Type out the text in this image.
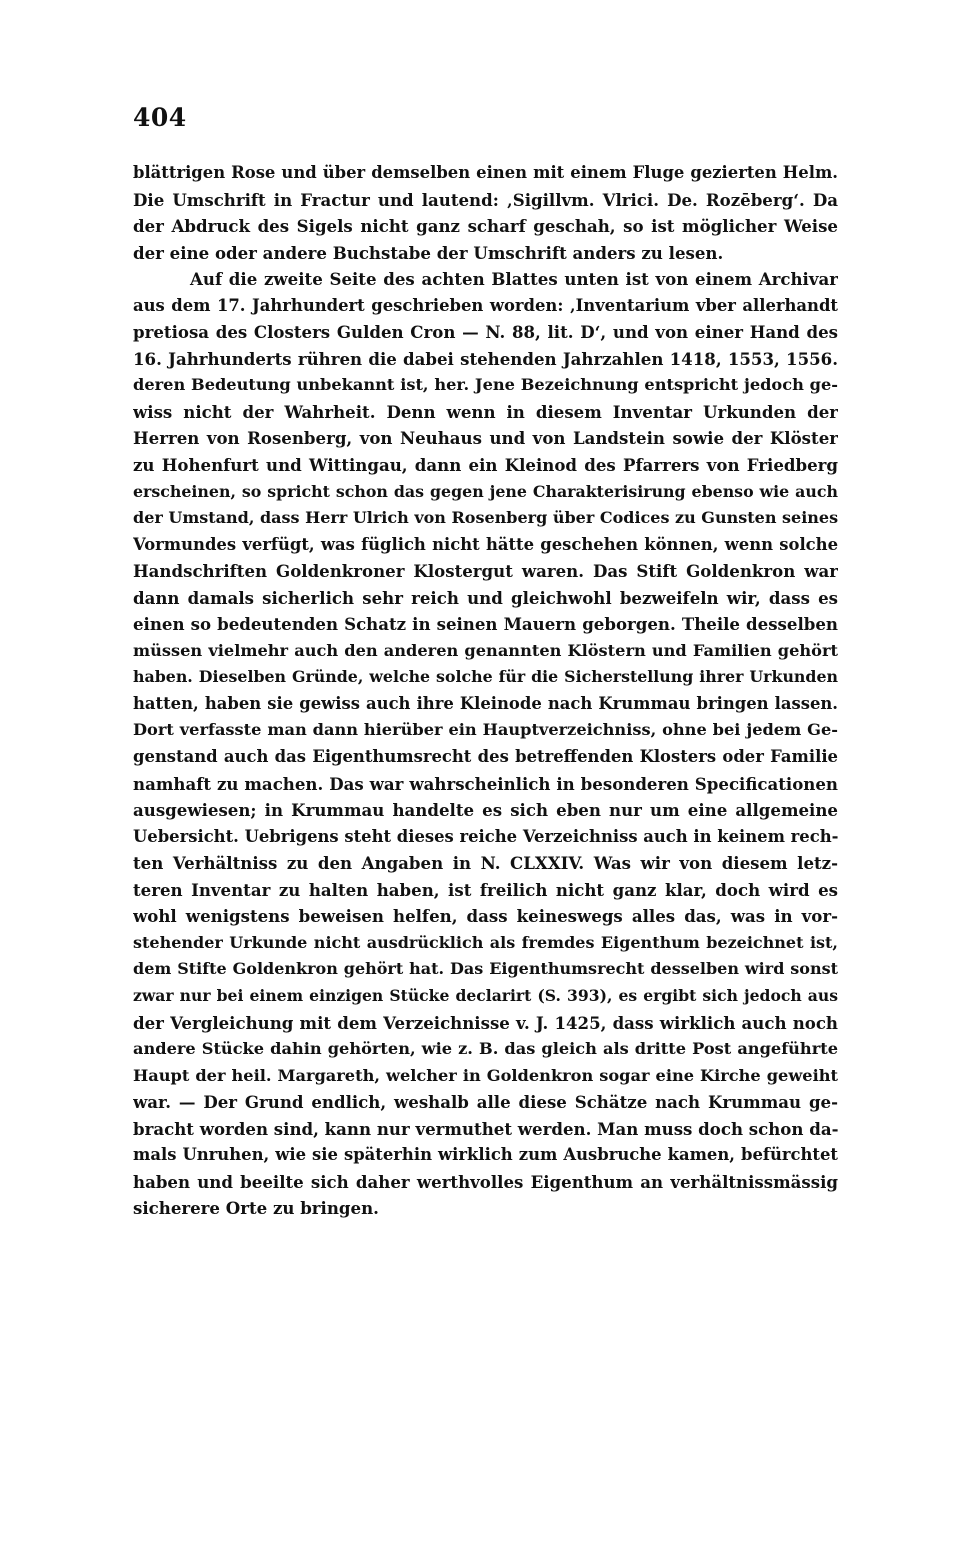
404
blättrigen Rose und über demselben einen mit einem Fluge gezierten Helm.
Die Umschrift in Fractur und lautend: ‚Sigillvm. Vlrici. De. Rozēberg‘. Da
der Abdruck des Sigels nicht ganz scharf geschah, so ist möglicher Weise
der eine oder andere Buchstabe der Umschrift anders zu lesen.
Auf die zweite Seite des achten Blattes unten ist von einem Archivar
aus dem 17. Jahrhundert geschrieben worden: ‚Inventarium vber allerhandt
pretiosa des Closters Gulden Cron — N. 88, lit. D‘, und von einer Hand des
16. Jahrhunderts rühren die dabei stehenden Jahrzahlen 1418, 1553, 1556.
deren Bedeutung unbekannt ist, her. Jene Bezeichnung entspricht jedoch ge-
wiss nicht der Wahrheit. Denn wenn in diesem Inventar Urkunden der
Herren von Rosenberg, von Neuhaus und von Landstein sowie der Klöster
zu Hohenfurt und Wittingau, dann ein Kleinod des Pfarrers von Friedberg
erscheinen, so spricht schon das gegen jene Charakterisirung ebenso wie auch
der Umstand, dass Herr Ulrich von Rosenberg über Codices zu Gunsten seines
Vormundes verfügt, was füglich nicht hätte geschehen können, wenn solche
Handschriften Goldenkroner Klostergut waren. Das Stift Goldenkron war
dann damals sicherlich sehr reich und gleichwohl bezweifeln wir, dass es
einen so bedeutenden Schatz in seinen Mauern geborgen. Theile desselben
müssen vielmehr auch den anderen genannten Klöstern und Familien gehört
haben. Dieselben Gründe, welche solche für die Sicherstellung ihrer Urkunden
hatten, haben sie gewiss auch ihre Kleinode nach Krummau bringen lassen.
Dort verfasste man dann hierüber ein Hauptverzeichniss, ohne bei jedem Ge-
genstand auch das Eigenthumsrecht des betreffenden Klosters oder Familie
namhaft zu machen. Das war wahrscheinlich in besonderen Specificationen
ausgewiesen; in Krummau handelte es sich eben nur um eine allgemeine
Uebersicht. Uebrigens steht dieses reiche Verzeichniss auch in keinem rech-
ten Verhältniss zu den Angaben in N. CLXXIV. Was wir von diesem letz-
teren Inventar zu halten haben, ist freilich nicht ganz klar, doch wird es
wohl wenigstens beweisen helfen, dass keineswegs alles das, was in vor-
stehender Urkunde nicht ausdrücklich als fremdes Eigenthum bezeichnet ist,
dem Stifte Goldenkron gehört hat. Das Eigenthumsrecht desselben wird sonst
zwar nur bei einem einzigen Stücke declarirt (S. 393), es ergibt sich jedoch aus
der Vergleichung mit dem Verzeichnisse v. J. 1425, dass wirklich auch noch
andere Stücke dahin gehörten, wie z. B. das gleich als dritte Post angeführte
Haupt der heil. Margareth, welcher in Goldenkron sogar eine Kirche geweiht
war. — Der Grund endlich, weshalb alle diese Schätze nach Krummau ge-
bracht worden sind, kann nur vermuthet werden. Man muss doch schon da-
mals Unruhen, wie sie späterhin wirklich zum Ausbruche kamen, befürchtet
haben und beeilte sich daher werthvolles Eigenthum an verhältnissmässig
sicherere Orte zu bringen.
